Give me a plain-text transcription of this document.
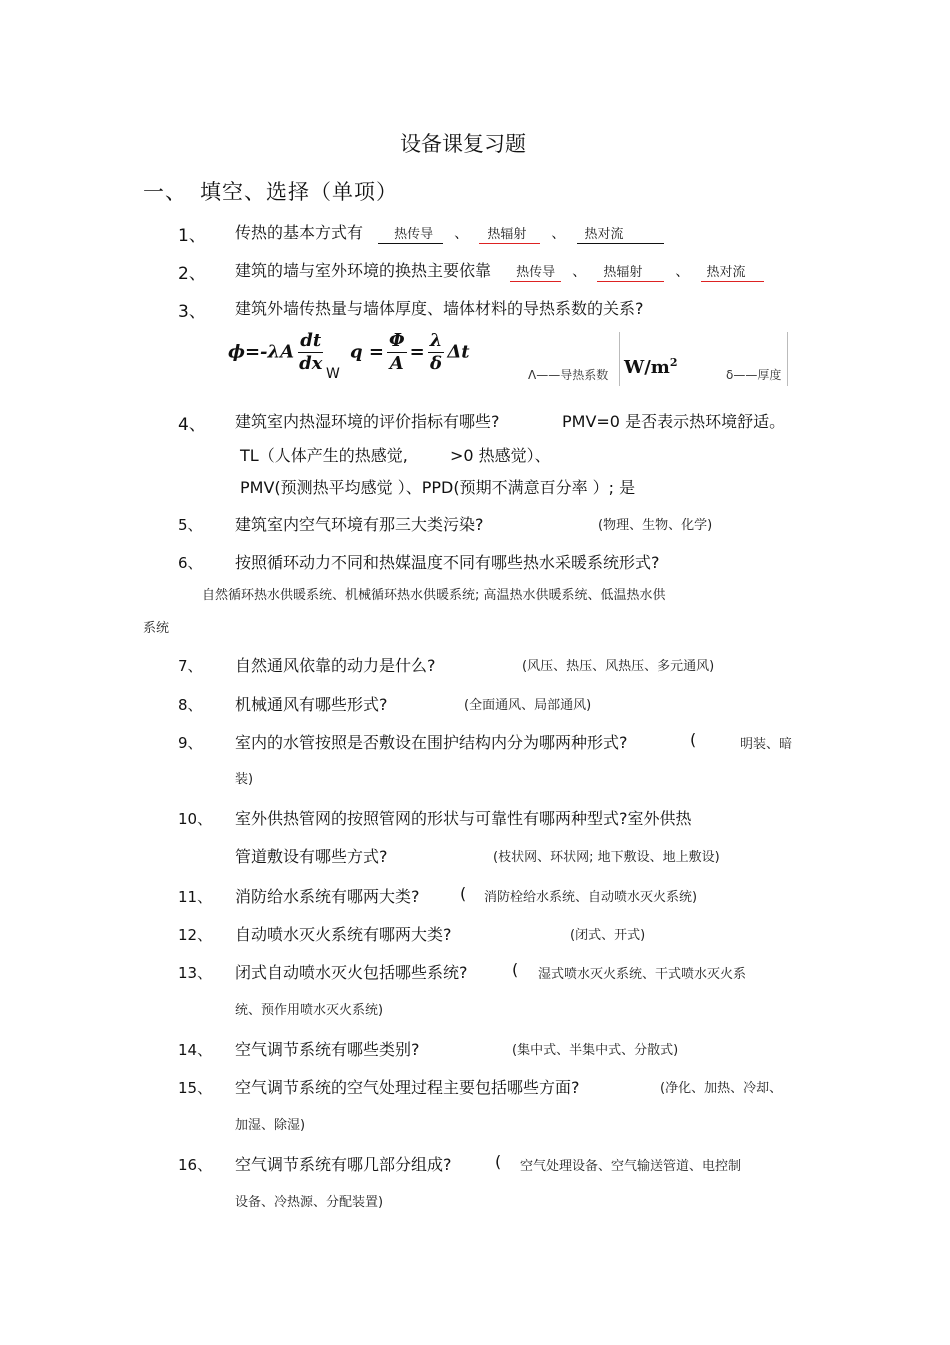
设备课复习题
一、 填空、选择（单项）
1、 传热的基本方式有 热传导 、 热辐射 、 热对流
2、 建筑的墙与室外环境的换热主要依靠 热传导 、 热辐射 、 热对流
3、 建筑外墙传热量与墙体厚度、墙体材料的导热系数的关系?
$\phi=-\lambda A \frac{dt}{dx}$ W
$q = \frac{\Phi}{A} = \frac{\lambda}{\delta}$ Δt
Λ——导热系数 $W/m^2$
δ——厚度
4、 建筑室内热湿环境的评价指标有哪些?	PMV=0 是否表示热环境舒适。
TL（人体产生的热感觉,	>0 热感觉）、
PMV(预测热平均感觉 ）、PPD(预期不满意百分率 ）; 是
5、 建筑室内空气环境有那三大类污染?	(物理、生物、化学)
6、 按照循环动力不同和热媒温度不同有哪些热水采暖系统形式?
自然循环热水供暖系统、机械循环热水供暖系统; 高温热水供暖系统、低温热水供
系统
7、 自然通风依靠的动力是什么?	(风压、热压、风热压、多元通风)
8、 机械通风有哪些形式?	(全面通风、局部通风)
9、 室内的水管按照是否敷设在围护结构内分为哪两种形式?	(	明装、暗
装)
10、 室外供热管网的按照管网的形状与可靠性有哪两种型式?室外供热
管道敷设有哪些方式?	(枝状网、环状网; 地下敷设、地上敷设)
11、 消防给水系统有哪两大类?	( 消防栓给水系统、自动喷水灭火系统)
12、 自动喷水灭火系统有哪两大类?	(闭式、开式)
13、 闭式自动喷水灭火包括哪些系统?	( 湿式喷水灭火系统、干式喷水灭火系
统、预作用喷水灭火系统)
14、 空气调节系统有哪些类别?	(集中式、半集中式、分散式)
15、 空气调节系统的空气处理过程主要包括哪些方面?	(净化、加热、冷却、
加湿、除湿)
16、 空气调节系统有哪几部分组成?	( 空气处理设备、空气输送管道、电控制
设备、冷热源、分配装置)
